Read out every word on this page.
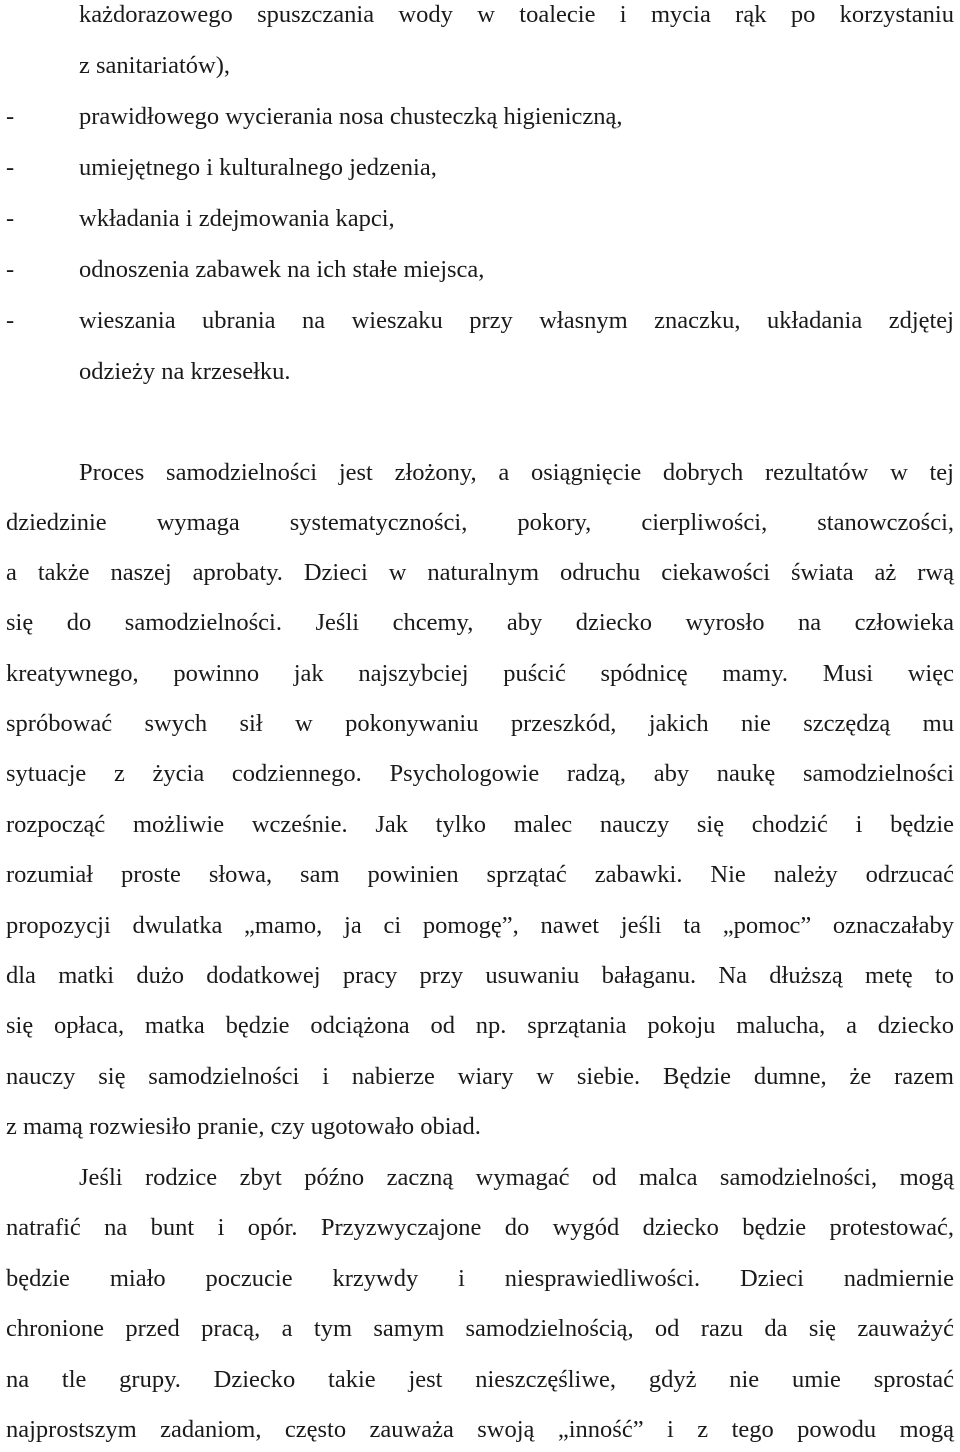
każdorazowego spuszczania wody w toalecie i mycia rąk po korzystaniu
z sanitariatów),
-	prawidłowego wycierania nosa chusteczką higieniczną,
-	umiejętnego i kulturalnego jedzenia,
-	wkładania i zdejmowania kapci,
-	odnoszenia zabawek na ich stałe miejsca,
-	wieszania ubrania na wieszaku przy własnym znaczku, układania zdjętej
odzieży na krzesełku.
Proces samodzielności jest złożony, a osiągnięcie dobrych rezultatów w tej
dziedzinie wymaga systematyczności, pokory, cierpliwości, stanowczości,
a także naszej aprobaty. Dzieci w naturalnym odruchu ciekawości świata aż rwą
się do samodzielności. Jeśli chcemy, aby dziecko wyrosło na człowieka
kreatywnego, powinno jak najszybciej puścić spódnicę mamy. Musi więc
spróbować swych sił w pokonywaniu przeszkód, jakich nie szczędzą mu
sytuacje z życia codziennego. Psychologowie radzą, aby naukę samodzielności
rozpocząć możliwie wcześnie. Jak tylko malec nauczy się chodzić i będzie
rozumiał proste słowa, sam powinien sprzątać zabawki. Nie należy odrzucać
propozycji dwulatka „mamo, ja ci pomogę”, nawet jeśli ta „pomoc” oznaczałaby
dla matki dużo dodatkowej pracy przy usuwaniu bałaganu. Na dłuższą metę to
się opłaca, matka będzie odciążona od np. sprzątania pokoju malucha, a dziecko
nauczy się samodzielności i nabierze wiary w siebie. Będzie dumne, że razem
z mamą rozwiesiło pranie, czy ugotowało obiad.
Jeśli rodzice zbyt późno zaczną wymagać od malca samodzielności, mogą
natrafić na bunt i opór. Przyzwyczajone do wygód dziecko będzie protestować,
będzie miało poczucie krzywdy i niesprawiedliwości. Dzieci nadmiernie
chronione przed pracą, a tym samym samodzielnością, od razu da się zauważyć
na tle grupy. Dziecko takie jest nieszczęśliwe, gdyż nie umie sprostać
najprostszym zadaniom, często zauważa swoją „inność” i z tego powodu mogą
